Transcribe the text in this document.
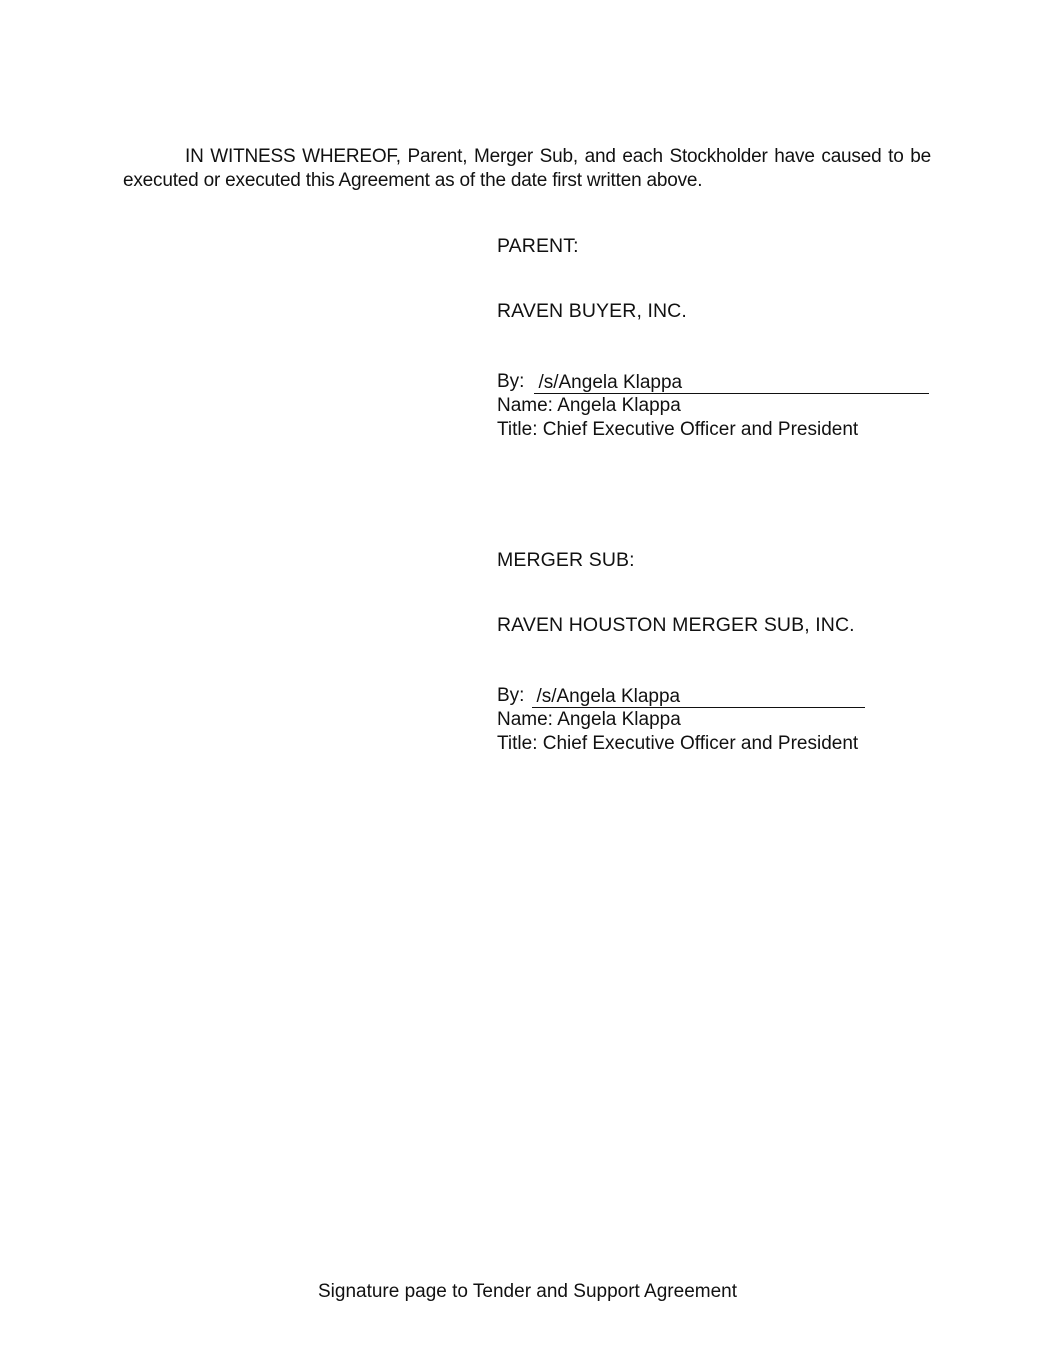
IN WITNESS WHEREOF, Parent, Merger Sub, and each Stockholder have caused to be executed or executed this Agreement as of the date first written above.

PARENT:
RAVEN BUYER, INC.
By: /s/Angela Klappa
Name: Angela Klappa
Title: Chief Executive Officer and President
MERGER SUB:
RAVEN HOUSTON MERGER SUB, INC.
By: /s/Angela Klappa
Name: Angela Klappa
Title: Chief Executive Officer and President
Signature page to Tender and Support Agreement
